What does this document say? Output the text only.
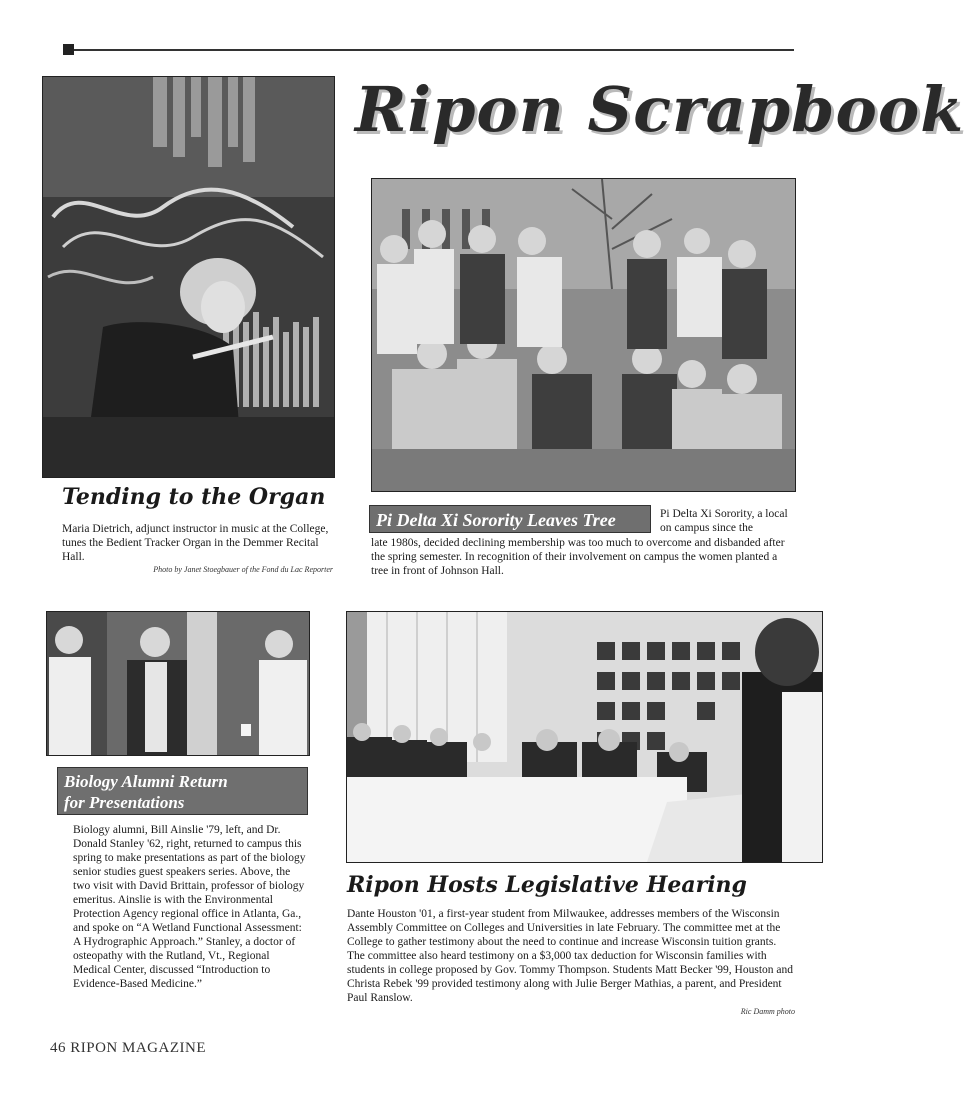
Ripon Scrapbook
Tending to the Organ
Maria Dietrich, adjunct instructor in music at the College, tunes the Bedient Tracker Organ in the Demmer Recital Hall.
Photo by Janet Stoegbauer of the Fond du Lac Reporter
Pi Delta Xi Sorority Leaves Tree	Pi Delta Xi Sorority, a local on campus since the
late 1980s, decided declining membership was too much to overcome and disbanded after the spring semester. In recognition of their involvement on campus the women planted a tree in front of Johnson Hall.
Biology Alumni Return
for Presentations
Biology alumni, Bill Ainslie '79, left, and Dr. Donald Stanley '62, right, returned to campus this spring to make presentations as part of the biology senior studies guest speakers series. Above, the two visit with David Brittain, professor of biology emeritus. Ainslie is with the Environmental Protection Agency regional office in Atlanta, Ga., and spoke on “A Wetland Functional Assessment: A Hydrographic Approach.” Stanley, a doctor of osteopathy with the Rutland, Vt., Regional Medical Center, discussed “Introduction to Evidence-Based Medicine.”
Ripon Hosts Legislative Hearing
Dante Houston '01, a first-year student from Milwaukee, addresses members of the Wisconsin Assembly Committee on Colleges and Universities in late February. The committee met at the College to gather testimony about the need to continue and increase Wisconsin tuition grants. The committee also heard testimony on a $3,000 tax deduction for Wisconsin families with students in college proposed by Gov. Tommy Thompson. Students Matt Becker '99, Houston and Christa Rebek '99 provided testimony along with Julie Berger Mathias, a parent, and President Paul Ranslow.
Ric Damm photo
46 RIPON MAGAZINE
